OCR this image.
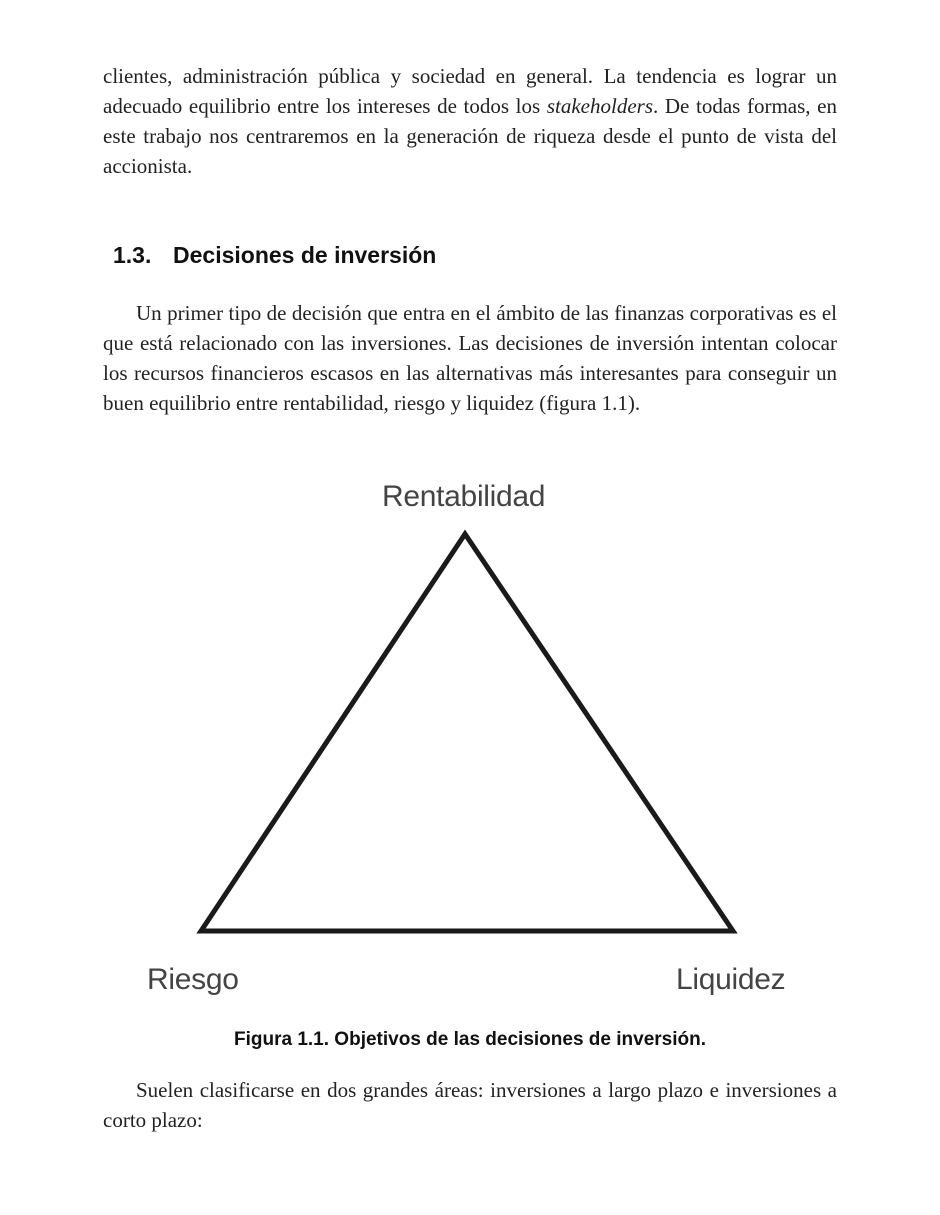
clientes, administración pública y sociedad en general. La tendencia es lograr un adecuado equilibrio entre los intereses de todos los stakeholders. De todas formas, en este trabajo nos centraremos en la generación de riqueza desde el punto de vista del accionista.

1.3. Decisiones de inversión

Un primer tipo de decisión que entra en el ámbito de las finanzas corporativas es el que está relacionado con las inversiones. Las decisiones de inversión intentan colocar los recursos financieros escasos en las alternativas más interesantes para conseguir un buen equilibrio entre rentabilidad, riesgo y liquidez (figura 1.1).

Rentabilidad
Riesgo	Liquidez

Figura 1.1. Objetivos de las decisiones de inversión.

Suelen clasificarse en dos grandes áreas: inversiones a largo plazo e inversiones a corto plazo:
